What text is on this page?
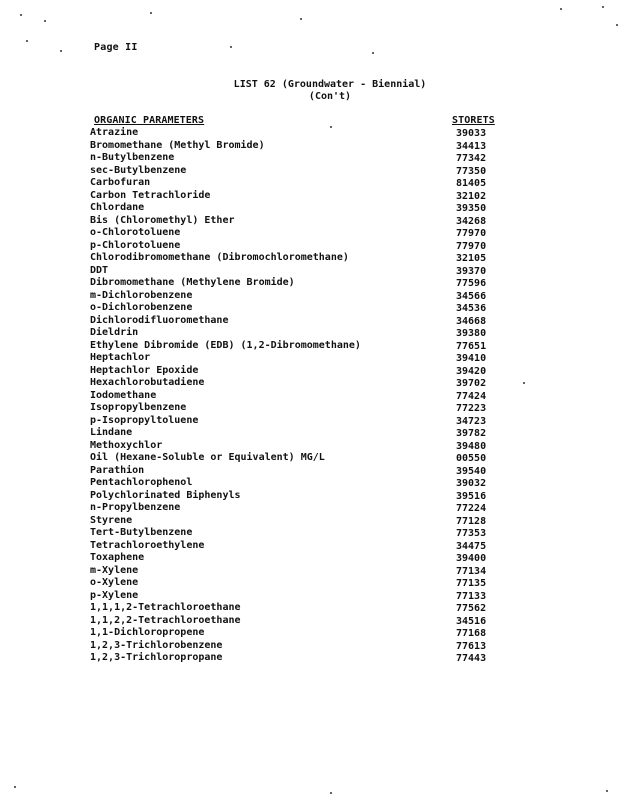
Page II
LIST 62 (Groundwater - Biennial)
(Con't)
ORGANIC PARAMETERS	STORETS
Atrazine	39033
Bromomethane (Methyl Bromide)	34413
n-Butylbenzene	77342
sec-Butylbenzene	77350
Carbofuran	81405
Carbon Tetrachloride	32102
Chlordane	39350
Bis (Chloromethyl) Ether	34268
o-Chlorotoluene	77970
p-Chlorotoluene	77970
Chlorodibromomethane (Dibromochloromethane)	32105
DDT	39370
Dibromomethane (Methylene Bromide)	77596
m-Dichlorobenzene	34566
o-Dichlorobenzene	34536
Dichlorodifluoromethane	34668
Dieldrin	39380
Ethylene Dibromide (EDB) (1,2-Dibromomethane)	77651
Heptachlor	39410
Heptachlor Epoxide	39420
Hexachlorobutadiene	39702
Iodomethane	77424
Isopropylbenzene	77223
p-Isopropyltoluene	34723
Lindane	39782
Methoxychlor	39480
Oil (Hexane-Soluble or Equivalent) MG/L	00550
Parathion	39540
Pentachlorophenol	39032
Polychlorinated Biphenyls	39516
n-Propylbenzene	77224
Styrene	77128
Tert-Butylbenzene	77353
Tetrachloroethylene	34475
Toxaphene	39400
m-Xylene	77134
o-Xylene	77135
p-Xylene	77133
1,1,1,2-Tetrachloroethane	77562
1,1,2,2-Tetrachloroethane	34516
1,1-Dichloropropene	77168
1,2,3-Trichlorobenzene	77613
1,2,3-Trichloropropane	77443
